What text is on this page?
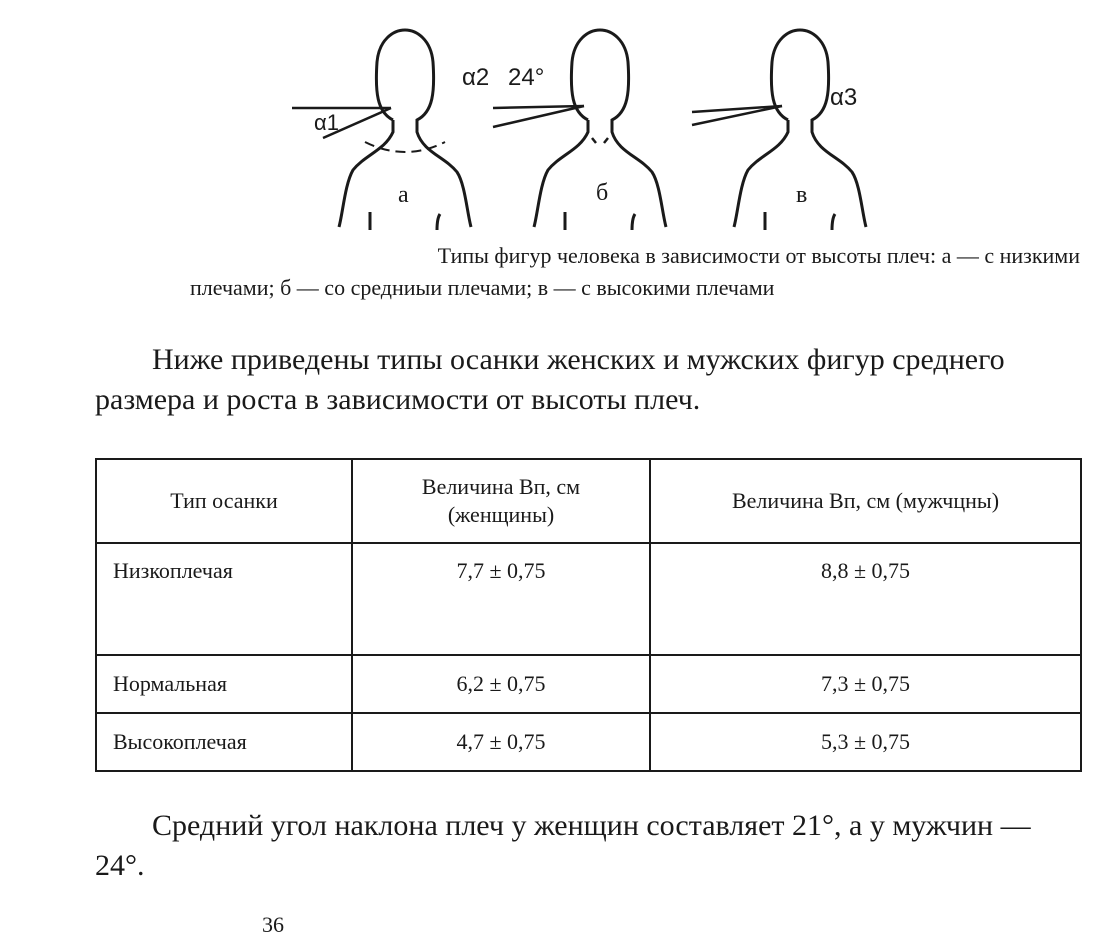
α1
α2 24°
α3
а	б	в
Типы фигур человека в зависимости от высоты плеч: а — с низкими
плечами; б — со средниыи плечами; в — с высокими плечами
Ниже приведены типы осанки женских и мужских фигур среднего размера и роста в зависимости от высоты плеч.
Тип осанки	Величина Вп, см (женщины)	Величина Вп, см (мужчцны)
Низкоплечая	7,7 ± 0,75	8,8 ± 0,75
Нормальная	6,2 ± 0,75	7,3 ± 0,75
Высокоплечая	4,7 ± 0,75	5,3 ± 0,75
Средний угол наклона плеч у женщин составляет 21°, а у мужчин — 24°.
36
